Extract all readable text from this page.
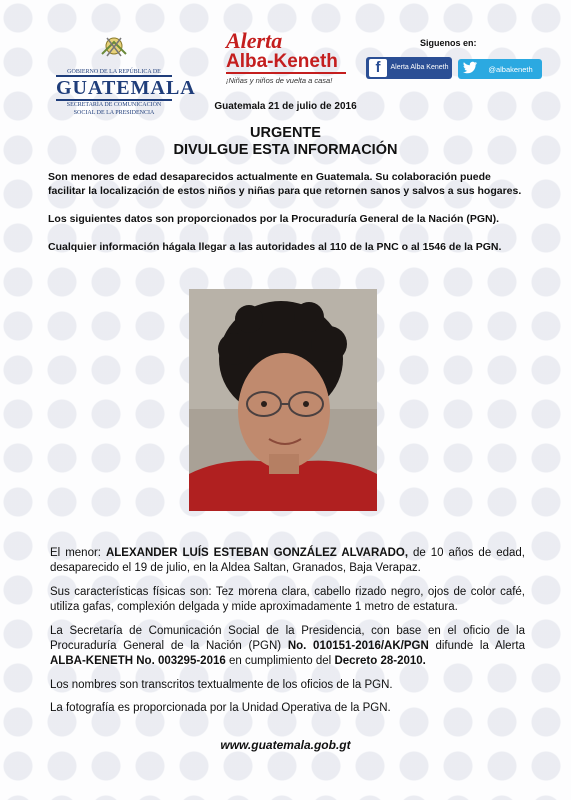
GOBIERNO DE LA REPÚBLICA DE
GUATEMALA
SECRETARÍA DE COMUNICACIÓN
SOCIAL DE LA PRESIDENCIA
Alerta
Alba-Keneth
¡Niñas y niños de vuelta a casa!
Siguenos en:
f	Alerta Alba Keneth	@albakeneth
Guatemala 21 de julio de 2016
URGENTE
DIVULGUE ESTA INFORMACIÓN
Son menores de edad desaparecidos actualmente en Guatemala. Su colaboración puede facilitar la localización de estos niños y niñas para que retornen sanos y salvos a sus hogares.
Los siguientes datos son proporcionados por la Procuraduría General de la Nación (PGN).
Cualquier información hágala llegar a las autoridades al 110 de la PNC o al 1546 de la PGN.
El menor: ALEXANDER LUÍS ESTEBAN GONZÁLEZ ALVARADO, de 10 años de edad, desaparecido el 19 de julio, en la Aldea Saltan, Granados, Baja Verapaz.
Sus características físicas son: Tez morena clara, cabello rizado negro, ojos de color café, utiliza gafas, complexión delgada y mide aproximadamente 1 metro de estatura.
La Secretaría de Comunicación Social de la Presidencia, con base en el oficio de la Procuraduría General de la Nación (PGN) No. 010151-2016/AK/PGN difunde la Alerta ALBA-KENETH No. 003295-2016 en cumplimiento del Decreto 28-2010.
Los nombres son transcritos textualmente de los oficios de la PGN.
La fotografía es proporcionada por la Unidad Operativa de la PGN.
www.guatemala.gob.gt
